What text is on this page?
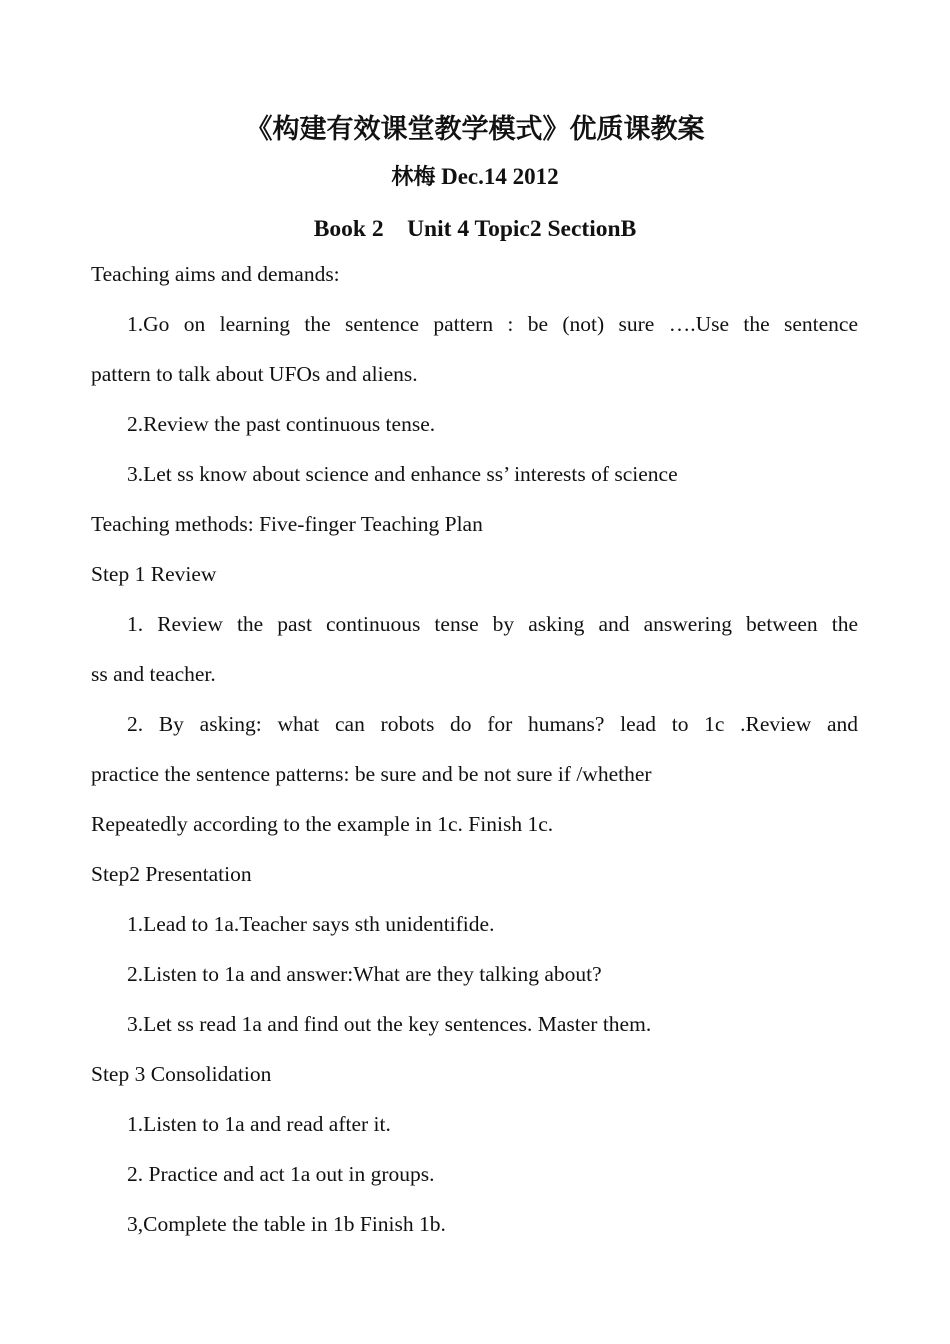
《构建有效课堂教学模式》优质课教案
林梅 Dec.14 2012
Book 2　Unit 4 Topic2 SectionB
Teaching aims and demands:
1.Go on learning the sentence pattern : be (not) sure ….Use the sentence
pattern to talk about UFOs and aliens.
2.Review the past continuous tense.
3.Let ss know about science and enhance ss’ interests of science
Teaching methods: Five-finger Teaching Plan
Step 1 Review
1. Review the past continuous tense by asking and answering between the
ss and teacher.
2. By asking: what can robots do for humans? lead to 1c .Review and
practice the sentence patterns: be sure and be not sure if /whether
Repeatedly according to the example in 1c. Finish 1c.
Step2 Presentation
1.Lead to 1a.Teacher says sth unidentifide.
2.Listen to 1a and answer:What are they talking about?
3.Let ss read 1a and find out the key sentences. Master them.
Step 3 Consolidation
1.Listen to 1a and read after it.
2. Practice and act 1a out in groups.
3,Complete the table in 1b Finish 1b.
